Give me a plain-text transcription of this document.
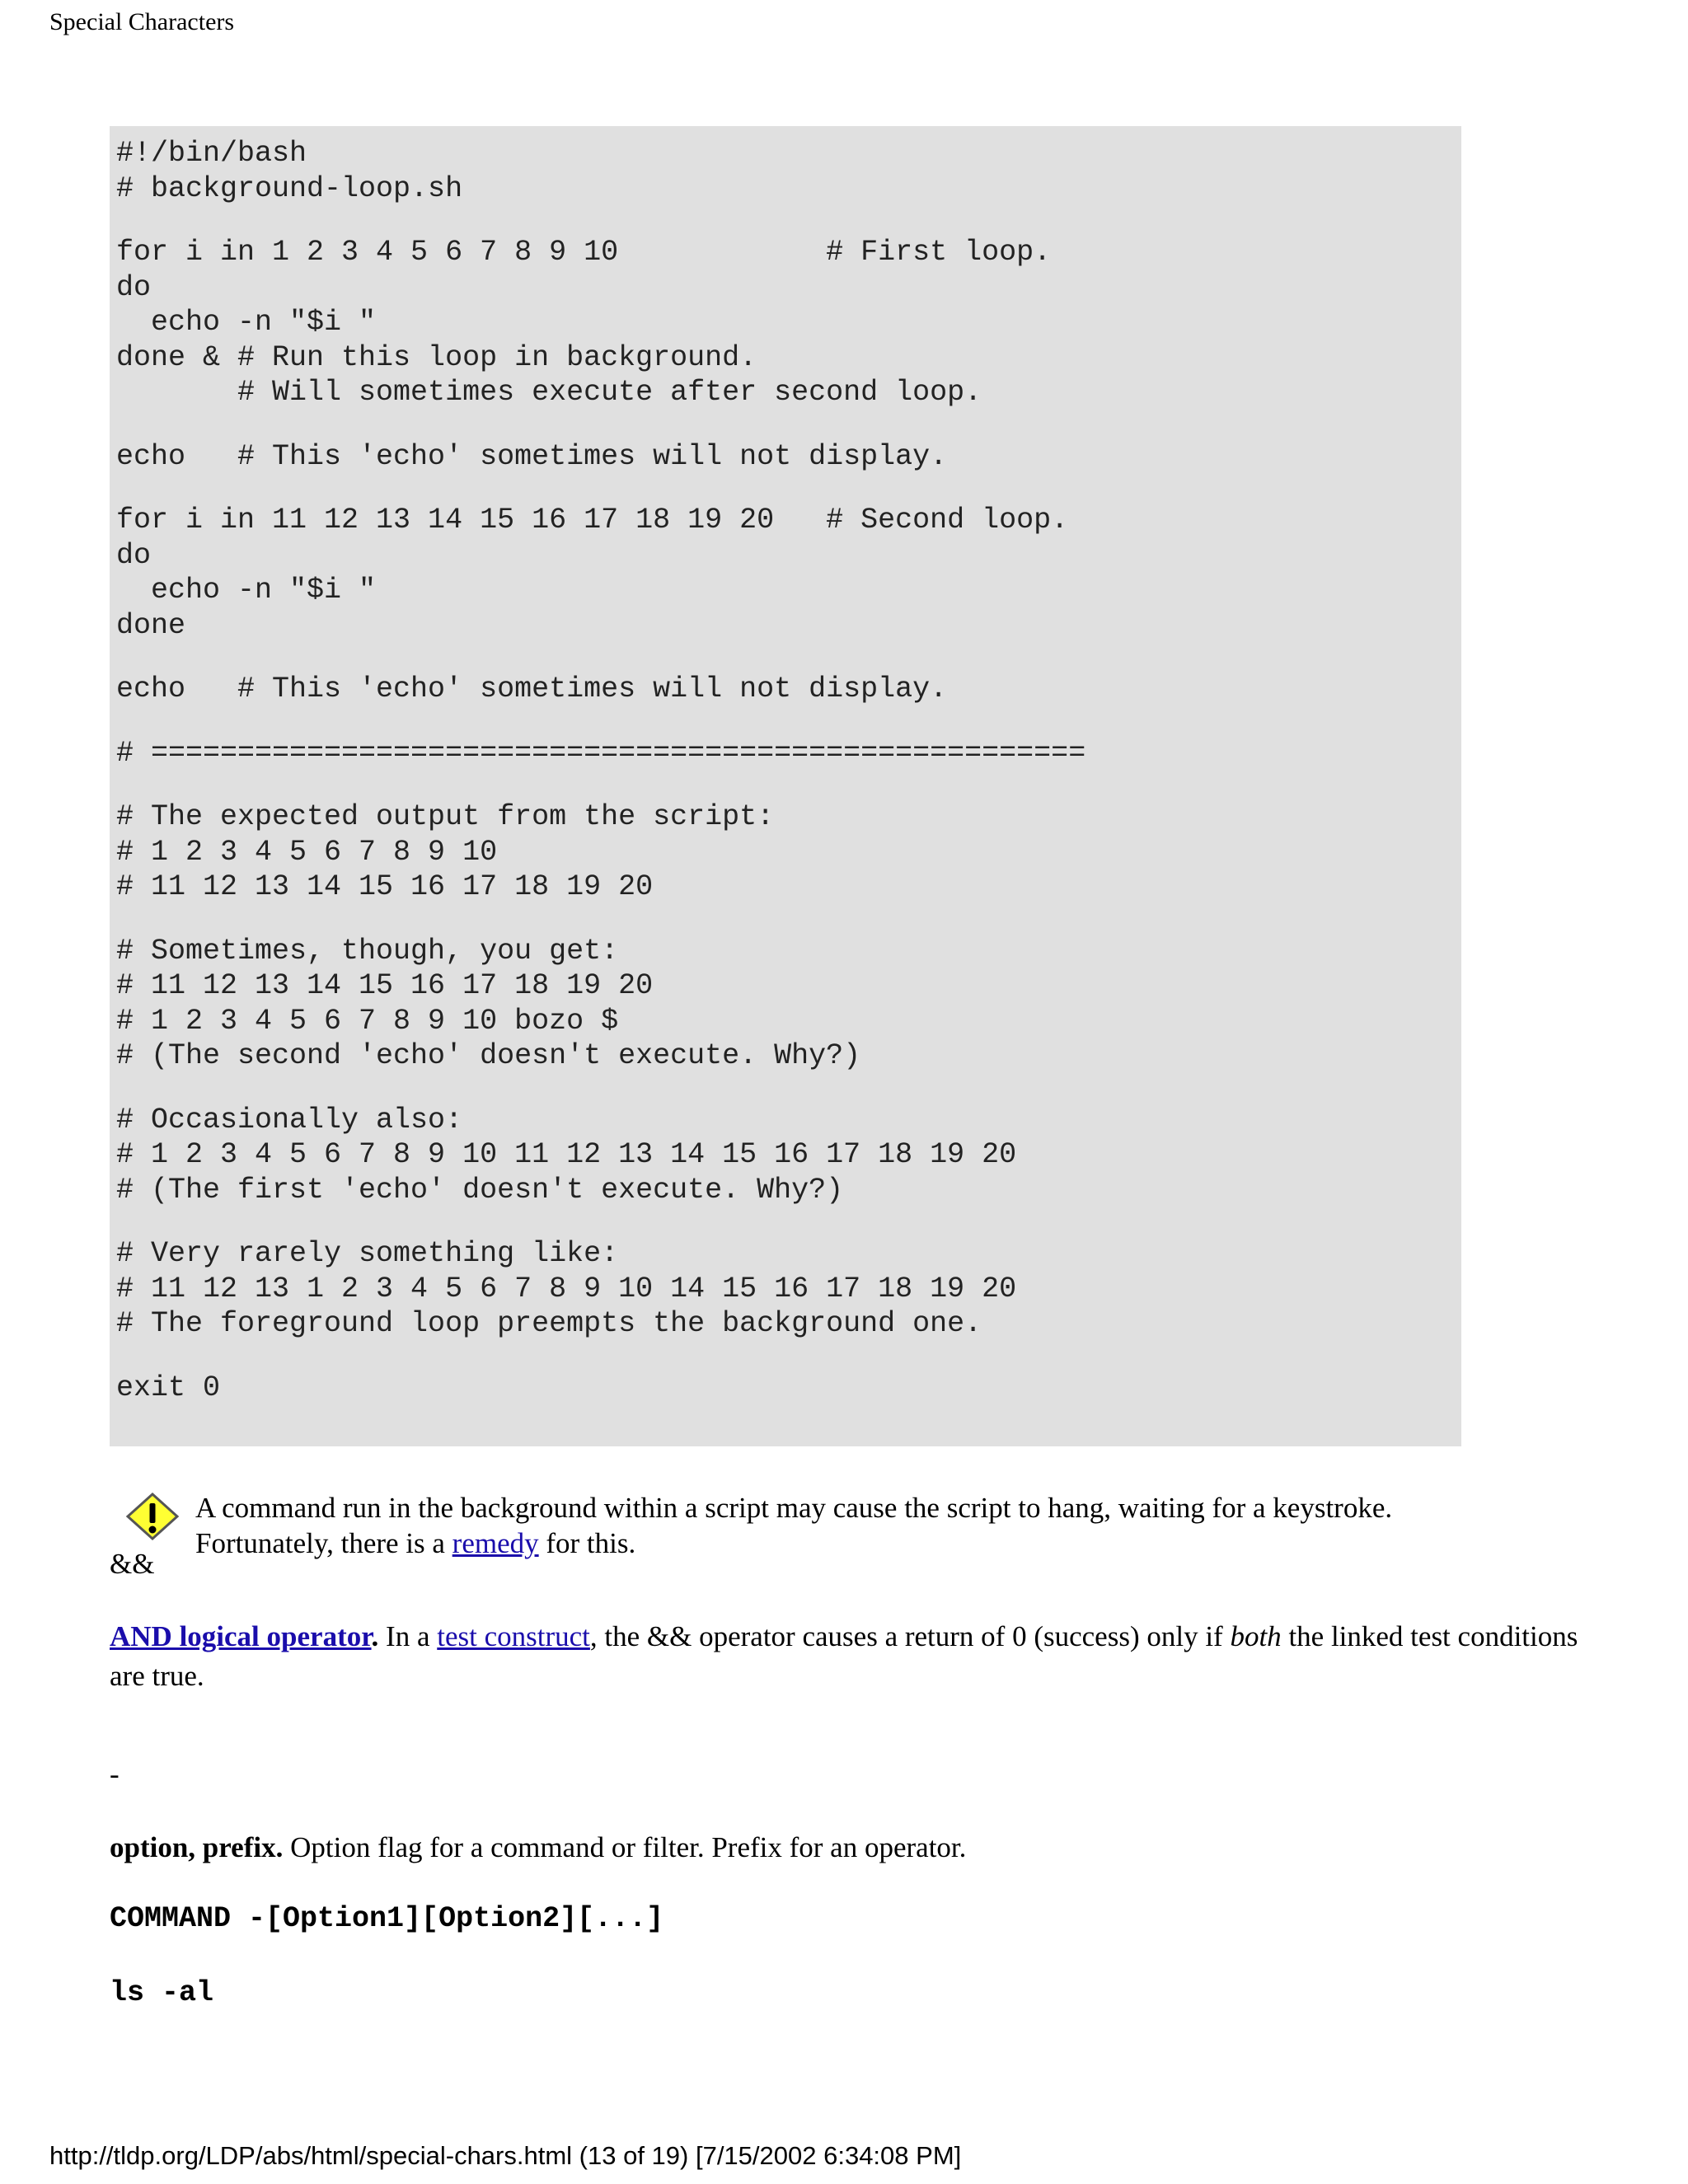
Special Characters
#!/bin/bash
# background-loop.sh
for i in 1 2 3 4 5 6 7 8 9 10            # First loop.
do
echo -n "$i "
done & # Run this loop in background.
# Will sometimes execute after second loop.
echo   # This 'echo' sometimes will not display.
for i in 11 12 13 14 15 16 17 18 19 20   # Second loop.
do
echo -n "$i "
done
echo   # This 'echo' sometimes will not display.
# ======================================================
# The expected output from the script:
# 1 2 3 4 5 6 7 8 9 10
# 11 12 13 14 15 16 17 18 19 20
# Sometimes, though, you get:
# 11 12 13 14 15 16 17 18 19 20
# 1 2 3 4 5 6 7 8 9 10 bozo $
# (The second 'echo' doesn't execute. Why?)
# Occasionally also:
# 1 2 3 4 5 6 7 8 9 10 11 12 13 14 15 16 17 18 19 20
# (The first 'echo' doesn't execute. Why?)
# Very rarely something like:
# 11 12 13 1 2 3 4 5 6 7 8 9 10 14 15 16 17 18 19 20
# The foreground loop preempts the background one.
exit 0
A command run in the background within a script may cause the script to hang, waiting for a keystroke.
Fortunately, there is a remedy for this.
&&
AND logical operator. In a test construct, the && operator causes a return of 0 (success) only if both the linked test conditions are true.
-
option, prefix. Option flag for a command or filter. Prefix for an operator.
COMMAND -[Option1][Option2][...]
ls -al
http://tldp.org/LDP/abs/html/special-chars.html (13 of 19) [7/15/2002 6:34:08 PM]
